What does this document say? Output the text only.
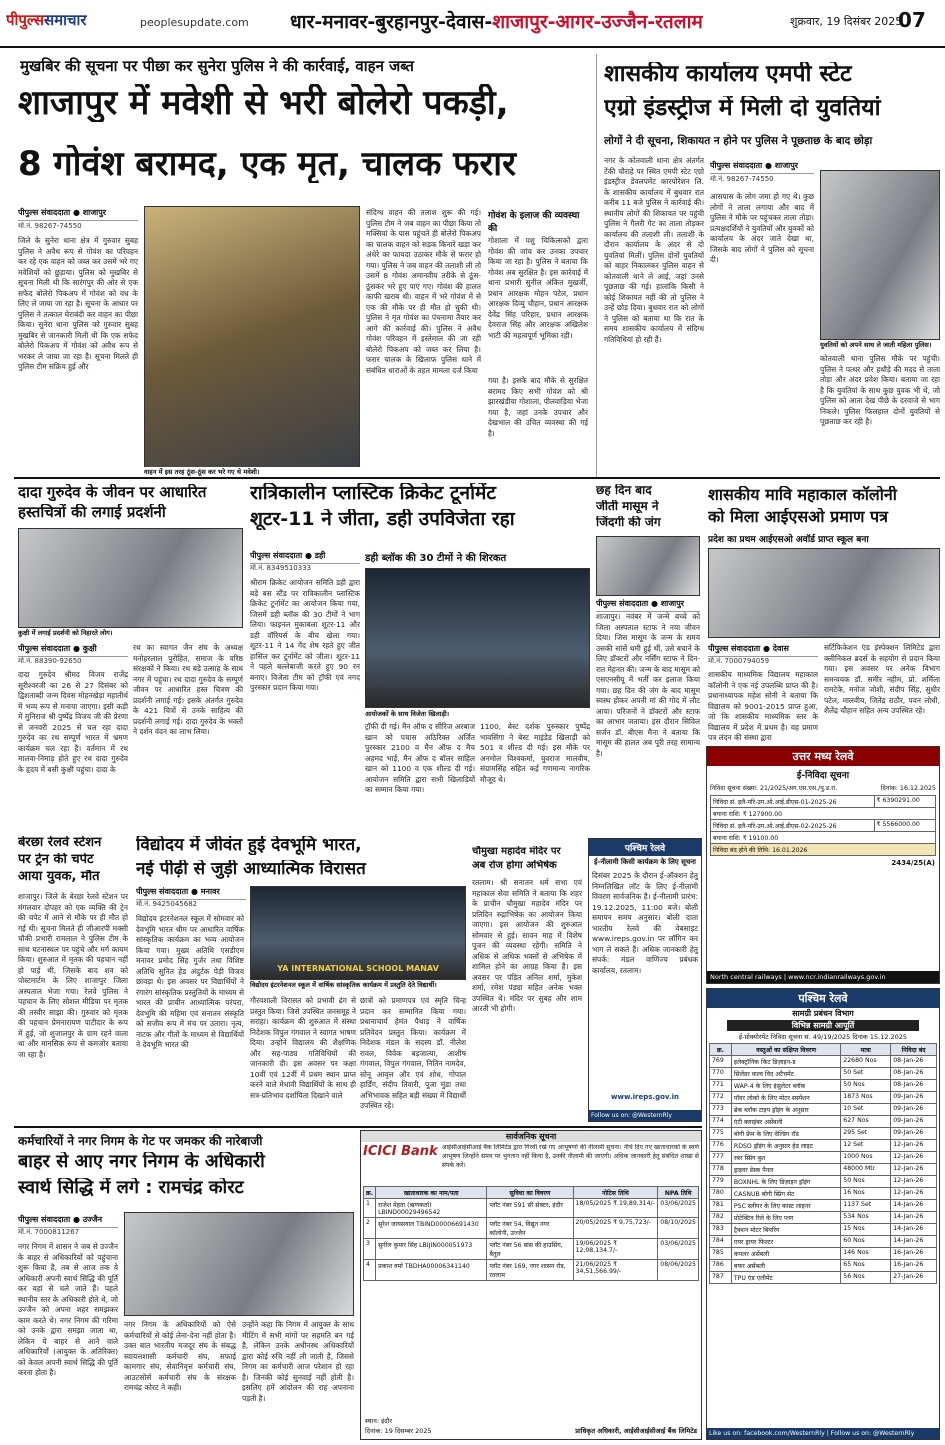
पीपुल्ससमाचार	peoplesupdate.com धार-मनावर-बुरहानपुर-देवास-शाजापुर-आगर-उज्जैन-रतलाम	शुक्रवार, 19 दिसंबर 2025
07
मुखबिर की सूचना पर पीछा कर सुनेरा पुलिस ने की कार्रवाई, वाहन जब्त
शाजापुर में मवेशी से भरी बोलेरो पकड़ी,
8 गोवंश बरामद, एक मृत, चालक फरार
पीपुल्स संवाददाता ● शाजापुर
मो.नं. 98267-74550
जिले के सुनेरा थाना क्षेत्र में गुरुवार सुबह पुलिस ने अवैध रूप से गोवंश का परिवहन कर रहे एक वाहन को जब्त कर उसमें भरे गए मवेशियों को छुड़ाया। पुलिस को मुखबिर से सूचना मिली थी कि सारंगपुर की ओर से एक सफेद बोलेरो पिकअप में गोवंश को वध के लिए ले जाया जा रहा है। सूचना के आधार पर पुलिस ने तत्काल घेराबंदी कर वाहन का पीछा किया। सुनेरा थाना पुलिस को गुरुवार सुबह मुखबिर से जानकारी मिली थी कि एक सफेद बोलेरो पिकअप में गोवंश को अवैध रूप से भरकर ले जाया जा रहा है। सूचना मिलते ही पुलिस टीम सक्रिय हुई और
वाहन में इस तरह ठूंस-ठूंस कर भरे गए थे मवेशी।
संदिग्ध वाहन की तलाश शुरू की गई। पुलिस टीम ने जब वाहन का पीछा किया तो मक्सियां के पास पहुंचते ही बोलेरो पिकअप का चालक वाहन को सड़क किनारे खड़ा कर अंधेरे का फायदा उठाकर मौके से फरार हो गया। पुलिस ने जब वाहन की तलाशी ली तो उसमें 8 गोवंश अमानवीय तरीके से ठूंस-ठूंसकर भरे हुए पाए गए। गोवंश की हालत काफी खराब थी। वाहन में भरे गोवंश में से एक की मौके पर ही मौत हो चुकी थी। पुलिस ने मृत गोवंश का पंचनामा तैयार कर आगे की कार्रवाई की। पुलिस ने अवैध गोवंश परिवहन में इस्तेमाल की जा रही बोलेरो पिकअप को जब्त कर लिया है। फरार चालक के खिलाफ पुलिस थाने में संबंधित धाराओं के तहत मामला दर्ज किया
गोवंश के इलाज की व्यवस्था की
गोशाला में पशु चिकित्सकों द्वारा गोवंश की जांच कर उनका उपचार किया जा रहा है। पुलिस ने बताया कि गोवंश अब सुरक्षित है। इस कार्रवाई में थाना प्रभारी सुनील अंकित मुखर्जी, प्रधान आरक्षक मोहन पटेल, प्रधान आरक्षक दिव्यु चौहान, प्रधान आरक्षक देवेंद्र सिंह परिहार, प्रधान आरक्षक देवराज सिंह और आरक्षक अखिलेश भाटी की महत्वपूर्ण भूमिका रही।
गया है। इसके बाद मौके से सुरक्षित बरामद किए सभी गोवंश को श्री झारखंडीया गोशाला, पीलवाड़िया भेजा गया है, जहां उनके उपचार और देखभाल की उचित व्यवस्था की गई है।
शासकीय कार्यालय एमपी स्टेट
एग्रो इंडस्ट्रीज में मिली दो युवतियां
लोगों ने दी सूचना, शिकायत न होने पर पुलिस ने पूछताछ के बाद छोड़ा
नगर के कोतवाली थाना क्षेत्र अंतर्गत टेंकी चौराहे पर स्थित एमपी स्टेट एग्रो इंडस्ट्रीज डेवलपमेंट कारपोरेशन लि. के शासकीय कार्यालय में बुधवार रात करीब 11 बजे पुलिस ने कार्रवाई की। स्थानीय लोगों की शिकायत पर पहुंची पुलिस ने गैलरी गेट का ताला तोड़कर कार्यालय की तलाशी ली। तलाशी के दौरान कार्यालय के अंदर से दो युवतियां मिलीं। पुलिस दोनों युवतियों को बाहर निकालकर पुलिस वाहन से कोतवाली थाने ले आई, जहां उनसे पूछताछ की गई। हालांकि किसी ने कोई शिकायत नहीं की तो पुलिस ने उन्हें छोड़ दिया। बुधवार रात को लोगों ने पुलिस को बताया था कि रात के समय शासकीय कार्यालय में संदिग्ध गतिविधियां हो रही हैं।
पीपुल्स संवाददाता ● शाजापुर
मो.नं. 98267-74550
युवतियों को अपने साथ ले जाती महिला पुलिस।
आसपास के लोग जमा हो गए थे। कुछ लोगों ने ताला लगाया और बाद में पुलिस ने मौके पर पहुंचकर ताला तोड़ा। प्रत्यक्षदर्शियों ने युवतियों और युवकों को कार्यालय के अंदर जाते देखा था, जिसके बाद लोगों ने पुलिस को सूचना दी।
कोतवाली थाना पुलिस मौके पर पहुंची। पुलिस ने पत्थर और हथौड़े की मदद से ताला तोड़ा और अंदर प्रवेश किया। बताया जा रहा है कि युवतियां के साथ कुछ युवक भी थे, जो पुलिस को आता देख पीछे के दरवाजे से भाग निकले। पुलिस फिलहाल दोनों युवतियों से पूछताछ कर रही है।
दादा गुरुदेव के जीवन पर आधारित
हस्तचित्रों की लगाई प्रदर्शनी
कुक्षी में लगाई प्रदर्शनी को निहारते लोग।
पीपुल्स संवाददाता ● कुक्षी
मो.नं. 88390-92650
दादा गुरुदेव श्रीमद विजय राजेंद्र सूरीश्वरजी का 26 से 27 दिसंबर को द्विशताब्दी जन्म दिवस मोहनखेड़ा महातीर्थ में भव्य रूप से मनाया जाएगा। इसी कड़ी में मुनिराज श्री पुष्पेंद्र विजय जी की प्रेरणा से जनवरी 2025 से चल रहा दादा गुरुदेव का रथ सम्पूर्ण भारत में भ्रमण कार्यक्रम चल रहा है। वर्तमान में रथ मालवा-निमाड़ होते हुए रथ दादा गुरुदेव के हृदय में बसी कुक्षी पहुंचा। दादा के
रथ का स्वागत जैन संघ के अध्यक्ष मनोहरलाल पुरोहित, समाज के वरिष्ठ संरक्षकों ने किया। रथ बड़े उत्साह के साथ नगर में पहुंचा। रथ दादा गुरुदेव के सम्पूर्ण जीवन पर आधारित हस्त चित्रण की प्रदर्शनी लगाई गई। इसके अंतर्गत गुरुदेव के 421 चित्रों से उनके साहित्य की प्रदर्शनी लगाई गई। दादा गुरुदेव के भक्तों ने दर्शन वंदन का लाभ लिया।
रात्रिकालीन प्लास्टिक क्रिकेट टूर्नामेंट
शूटर-11 ने जीता, डही उपविजेता रहा
डही ब्लॉक की 30 टीमों ने की शिरकत
पीपुल्स संवाददाता ● डही
मो.नं. 8349510333
श्रीराम क्रिकेट आयोजन समिति डही द्वारा बड़े बस स्टैंड पर रात्रिकालीन प्लास्टिक क्रिकेट टूर्नामेंट का आयोजन किया गया, जिसमें डही ब्लॉक की 30 टीमों ने भाग लिया। फाइनल मुकाबला शूटर-11 और डही वॉरियर्स के बीच खेला गया। शूटर-11 ने 14 गेंद शेष रहते हुए जीत हासिल कर टूर्नामेंट को जीता। शूटर-11 ने पहले बल्लेबाजी करते हुए 90 रन बनाए। विजेता टीम को ट्रॉफी एवं नगद पुरस्कार प्रदान किया गया।
आयोजकों के साथ विजेता खिलाड़ी।
ट्रॉफी दी गई। मैन ऑफ द सीरिज अरबाज खान को पचास अठिरिक्त अर्जित पुरस्कार 2100 व मैन ऑफ द मैच अहमद भाई, मैन ऑफ द बॉलर साहिल खान को 1100 व एक शील्ड दी गई। आयोजन समिति द्वारा सभी खिलाड़ियों का सम्मान किया गया।
1100, बेस्ट दर्शक पुरुस्कार पुष्पेंद्र भावसिंगा ने बेस्ट माइंडेड खिलाड़ी को 501 व शील्ड दी गई। इस मौके पर अनमोल विश्वकर्मा, युवराज मालवीय, संग्रामसिंह सहित कई गणमान्य नागरिक मौजूद थे।
छह दिन बाद
जीती मासूम ने
जिंदगी की जंग
पीपुल्स संवाददाता ● शाजापुर
शाजापुर। नवंबर में जन्मे बच्चे को जिला अस्पताल स्टाफ ने नया जीवन दिया। जिस मासूम के जन्म के समय उसकी सांसें थमी हुई थीं, उसे बचाने के लिए डॉक्टरों और नर्सिंग स्टाफ ने दिन-रात मेहनत की। जन्म के बाद मासूम को एसएनसीयू में भर्ती कर इलाज किया गया। छह दिन की जंग के बाद मासूम स्वस्थ होकर अपनी मां की गोद में लौट आया। परिजनों ने डॉक्टरों और स्टाफ का आभार जताया। इस दौरान सिविल सर्जन डॉ. बीएस मैना ने बताया कि मासूम की हालत अब पूरी तरह सामान्य है।
शासकीय मावि महाकाल कॉलोनी
को मिला आईएसओ प्रमाण पत्र
प्रदेश का प्रथम आईएसओ अवॉर्ड प्राप्त स्कूल बना
पीपुल्स संवाददाता ● देवास
मो.नं. 7000794059
शासकीय माध्यमिक विद्यालय महाकाल कॉलोनी ने एक नई उपलब्धि प्राप्त की है। प्रधानाध्यापक महेश सोनी ने बताया कि विद्यालय को 9001-2015 प्राप्त हुआ, जो कि शासकीय माध्यमिक स्तर के विद्यालय में प्रदेश में प्रथम है। यह प्रमाण पत्र लंदन की संस्था द्वारा
सर्टिफिकेशन एंड इंस्पेक्शन लिमिटेड द्वारा क्लीनिकल ब्रदर्स के सहयोग से प्रदान किया गया। इस अवसर पर अनेक विभाग समन्वयक डॉ. समीर नहीम, प्रो. शर्मिला रामटेके, मनोज जोशी, संदीप सिंह, सुधीर पटेल, मालवीय, जितेंद्र राठौर, पवन लोधी, शैलेंद्र चौहान सहित अन्य उपस्थित रहे।
उत्तर मध्य रेलवे
ई-निविदा सूचना
निविदा सूचना संख्या: 21/2025/अग.एस.एस./पु.ड.रा.	दिनांक: 16.12.2025
निविदा सं. इलै-परि-उप.ओ.आई.डीएस-01-2025-26	₹ 6390291.00
बयाना राशि: ₹ 127900.00	
निविदा सं. इलै-परि-उप.ओ.आई.डीएस-02-2025-26	₹ 5566000.00
बयाना राशि: ₹ 19100.00	
निविदा बंद होने की तिथि: 16.01.2026	
2434/25(A)
North central railways | www.ncr.indianrailways.gov.in
बेरछा रेलवे स्टेशन
पर ट्रेन की चपेट
आया युवक, मौत
शाजापुर। जिले के बेरछा रेलवे स्टेशन पर मंगलवार दोपहर को एक व्यक्ति की ट्रेन की चपेट में आने से मौके पर ही मौत हो गई थी। सूचना मिलते ही जीआरपी मक्सी चौकी प्रभारी रामलाल ने पुलिस टीम के साथ घटनास्थल पर पहुंचे और मर्ग कायम किया। शुरुआत में मृतक की पहचान नहीं हो पाई थी, जिसके बाद शव को पोस्टमार्टम के लिए शाजापुर जिला अस्पताल भेजा गया। रेलवे पुलिस ने पहचान के लिए सोशल मीडिया पर मृतक की तस्वीर साझा की। गुरुवार को मृतक की पहचान प्रेमनारायण पाटीदार के रूप में हुई, जो शुजालपुर के ग्राम रहने वाला था और मानसिक रूप से कमजोर बताया जा रहा है।
विद्योदय में जीवंत हुई देवभूमि भारत,
नई पीढ़ी से जुड़ी आध्यात्मिक विरासत
पीपुल्स संवाददाता ● मनावर
मो.नं. 9425045682
YA INTERNATIONAL SCHOOL MANAV
विद्योदय इंटरनेशनल स्कूल में वार्षिक सांस्कृतिक कार्यक्रम में प्रस्तुति देते विद्यार्थी।
विद्योदय इंटरनेशनल स्कूल में सोमवार को देवभूमि भारत थीम पर आधारित वार्षिक सांस्कृतिक कार्यक्रम का भव्य आयोजन किया गया। मुख्य अतिथि एसडीएम मनावर प्रमोद सिंह गुर्जर तथा विशिष्ट अतिथि सुनित हेड अंदुर्टक पेड़ी विजय छावड़ा थे। इस अवसर पर विद्यार्थियों ने रंगारंग सांस्कृतिक प्रस्तुतियों के माध्यम से भारत की प्राचीन आध्यात्मिक परंपरा, देवभूमि की महिमा एवं सनातन संस्कृति को सजीव रूप में मंच पर उतारा। नृत्य, नाटक और गीतों के माध्यम से विद्यार्थियों ने देवभूमि भारत की
गौरवशाली विरासत को प्रभावी ढंग से प्रस्तुत किया। जिसे उपस्थित जनसमूह ने सराहा। कार्यक्रम की शुरुआत में संस्था निदेशक विपुल गंगवाल ने स्वागत भाषण दिया। उन्होंने विद्यालय की शैक्षणिक और सह-पाठ्य गतिविधियों की जानकारी दी। इस अवसर पर कक्षा 10वीं एवं 12वीं में प्रथम स्थान प्राप्त करने वाले मेधावी विद्यार्थियों के साथ ही सत्र-प्रतिभाव दर्शायिता दिखाने वाले
छात्रों को प्रमाणपत्र एवं स्मृति चिन्ह प्रदान कर सम्मानित किया गया। प्रधानाचार्य हेमंत पैथाड़ ने वार्षिक प्रतिवेदन प्रस्तुत किया। कार्यक्रम में निदेशक मंडल के सदस्य डॉ. नीलेश रावल, विवेक बड़जात्या, आशीष गंगवाल, विपुल गंगवाल, नितिन नामदेव, सोनू आवृत्त और एवं शोध, गोपाल हार्डिंग, संदीप तिवारी, पूजा मुंडा तथा अभिभावक सहित बड़ी संख्या में विद्यार्थी उपस्थित रहे।
चौमुखा महादेव मंदिर पर
अब रोज होगा अभिषेक
रतलाम। श्री सनातन धर्म सभा एवं महाकाल सेवा समिति ने बताया कि शहर के प्राचीन चौमुखा महादेव मंदिर पर प्रतिदिन रुद्राभिषेक का आयोजन किया जाएगा। इस आयोजन की शुरुआत सोमवार से हुई। सावन माह में विशेष पूजन की व्यवस्था रहेगी। समिति ने अधिक से अधिक भक्तों से अभिषेक में शामिल होने का आग्रह किया है। इस अवसर पर पंडित अनिल शर्मा, मुकेश शर्मा, रमेश पंड्या सहित अनेक भक्त उपस्थित थे। मंदिर पर सुबह और शाम आरती भी होगी।
पश्चिम रेलवे
ई-नीलामी किसी कार्यक्रम के लिए सूचना
दिसंबर 2025 के दौरान ई-ऑक्शन हेतु निम्नलिखित लॉट के लिए ई-नीलामी विवरण सार्वजनिक है। ई-नीलामी प्रारंभ: 19.12.2025, 11:00 बजे। बोली समापन समय अनुसार। बोली दाता भारतीय रेलवे की वेबसाइट www.ireps.gov.in पर लॉगिन कर भाग ले सकते हैं। अधिक जानकारी हेतु संपर्क: मंडल वाणिज्य प्रबंधक कार्यालय, रतलाम।
www.ireps.gov.in
Follow us on: @WesternRly
पश्चिम रेलवे
सामग्री प्रबंधन विभाग
विभिन्न सामग्री आपूर्ति
ई-प्रोक्योरमेंट निविदा सूचना सं. 49/19/2025 दिनांक 15.12.2025
क्र.	वस्तुओं का संक्षिप्त विवरण	मात्रा	निविदा बंद
769	इलेक्ट्रॉनिक किट डिज़ाइन-ड	22680 Nos	08-Jan-26
770	सिलेंडर वाल्व विद अटैचमेंट	50 Set	08-Jan-26
771	WAP-4 के लिए इंसुलेटर ब्लॉक	50 Nos	08-Jan-26
772	पॉवर लोको के लिए मोटर सस्पेंशन	1873 Nos	09-Jan-26
773	ब्रेक ब्लॉक टाइप ड्रॉइंग के अनुसार	10 Set	09-Jan-26
774	एंटी क्लाइंबर असेंबली	627 Nos	09-Jan-26
775	बोगी फ्रेम के लिए वेल्डिंग रॉड	295 Set	09-Jan-26
776	RDSO ड्रॉइंग के अनुसार हेड लाइट	12 Set	12-Jan-26
777	रबर स्प्रिंग बुश	1000 Nos	12-Jan-26
778	ड्राइवर डेस्क पैनल	48000 Mtr	12-Jan-26
779	BOXNHL के लिए डिज़ाइन ड्रॉइंग	50 Nos	12-Jan-26
780	CASNUB बोगी स्प्रिंग सेट	16 Nos	12-Jan-26
781	PSC स्लीपर के लिए कास्ट लाइनर	1137 Set	14-Jan-26
782	प्रोटेक्टिव रिले के लिए प्लग	534 Nos	14-Jan-26
783	ट्रैक्शन मोटर बियरिंग	15 Nos	14-Jan-26
784	एयर ड्रायर फिल्टर	60 Nos	14-Jan-26
785	कपलर असेंबली	146 Nos	16-Jan-26
786	बफर असेंबली	65 Nos	16-Jan-26
787	TPU एंड एलीमेंट	56 Nos	27-Jan-26
Like us on: facebook.com/WesternRly | Follow us on: @WesternRly
कर्मचारियों ने नगर निगम के गेट पर जमकर की नारेबाजी
बाहर से आए नगर निगम के अधिकारी
स्वार्थ सिद्धि में लगे : रामचंद्र कोरट
पीपुल्स संवाददाता ● उज्जैन
मो.नं. 7000811267
नगर निगम में शासन ने जब से उज्जैन के बाहर से अधिकारियों को पहुंचाना शुरू किया है, तब से आज तक ये अधिकारी अपनी स्वार्थ सिद्धि की पूर्ति कर यहां से चले जाते हैं। पहले स्थानीय स्तर के अधिकारी होते थे, जो उज्जैन को अपना शहर समझकर काम करते थे। नगर निगम की गरिमा को उनके द्वारा समझा जाता था, लेकिन ये बाहर से आने वाले अधिकारियों (आयुक्त के अतिरिक्त) को केवल अपनी स्वार्थ सिद्धि की पूर्ति करना होता है।
नगर निगम के अधिकारियों को ऐसे कर्मचारियों से कोई लेना-देना नहीं होता है। उक्त बात भारतीय मजदूर संघ के संबद्ध स्वायत्तशासी कर्मचारी संघ, सफाई कामगार संघ, सेवानिवृत्त कर्मचारी संघ, आउटसोर्स कर्मचारी संघ के संरक्षक रामचंद्र कोरट ने कही।
उन्होंने कहा कि निगम में आयुक्त के साथ मीटिंग में सभी मांगों पर सहमति बन गई है, लेकिन उनके अधीनस्थ अधिकारियों द्वारा कोई रुचि नहीं ली जाती है, जिससे निगम का कर्मचारी आज परेशान हो रहा है। जिनकी कोई सुनवाई नहीं होती है। इसलिए हमें आंदोलन की राह अपनाना पड़ती है।
सार्वजनिक सूचना
ICICI Bank आईसीआईसीआई बैंक लिमिटेड द्वारा गिरवी रखे गए आभूषणों की नीलामी सूचना। नीचे दिए गए खाताधारकों के स्वर्ण आभूषण जिन्होंने समय पर भुगतान नहीं किया है, उनकी नीलामी की जाएगी। अधिक जानकारी हेतु संबंधित शाखा से संपर्क करें।
क्र.	खाताधारक का नाम/पता	सुविधा का विवरण	नोटिस तिथि	NPA तिथि
1	राजेश मेहता (ऋणकर्ता) LBIND00029496542	प्लॉट नंबर 591 सी सेक्टर, इंदौर	18/05/2025 ₹ 19,89,314/-	03/06/2025
2	सुरेश जायसवाल TBIND00006691430	प्लॉट नंबर 54, विद्युत नगर कॉलोनी, उज्जैन	20/05/2025 ₹ 9,75,723/-	08/10/2025
3	सुनील कुमार सिंह LBIJIN000051973	प्लॉट नंबर 56 बांस की हाउसिंग, बैतूल	19/06/2025 ₹ 12,08,134.7/-	03/06/2025
4	प्रकाश वर्मा TBDHA00006341140	प्लॉट नंबर 169, नगर शासन रोड, रतलाम	21/06/2025 ₹ 34,51,566.99/-	08/06/2025
स्थान: इंदौर
दिनांक: 19 दिसम्बर 2025	प्राधिकृत अधिकारी, आईसीआईसीआई बैंक लिमिटेड
